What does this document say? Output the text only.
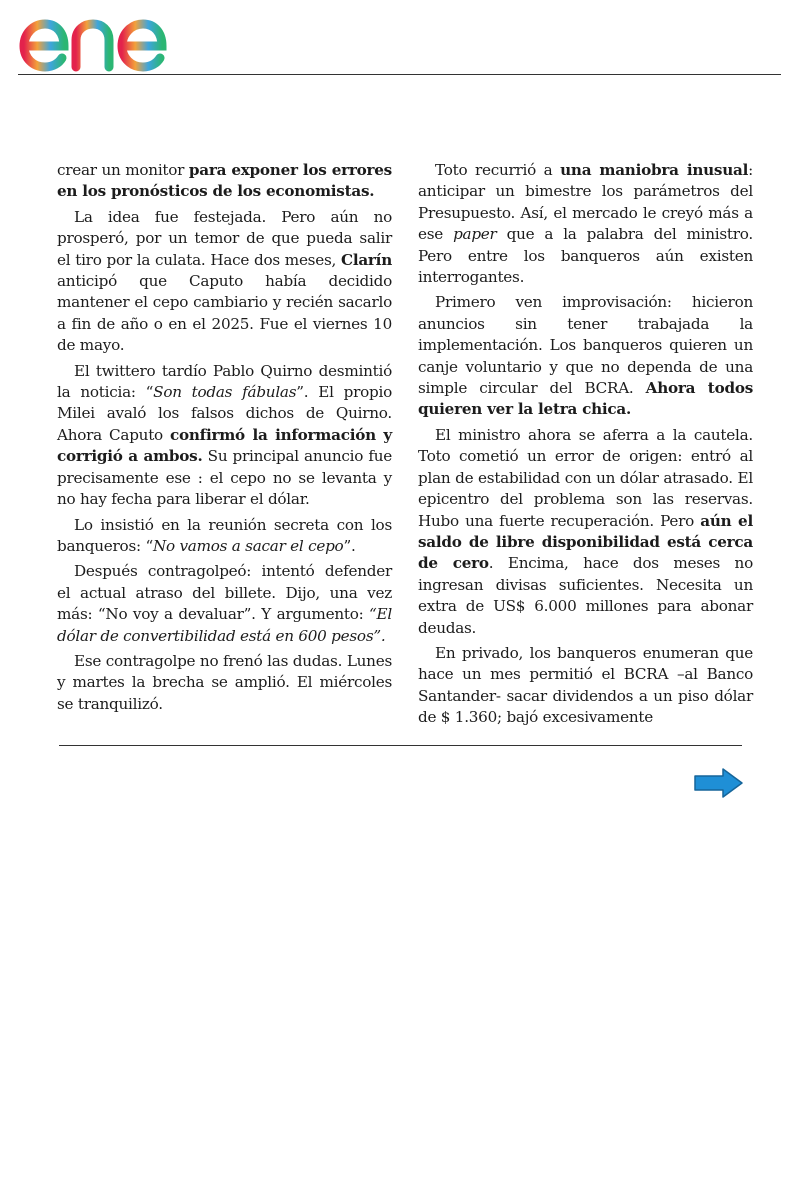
crear un monitor para exponer los errores en los pronósticos de los economistas.

La idea fue festejada. Pero aún no prosperó, por un temor de que pueda salir el tiro por la culata. Hace dos meses, Clarín anticipó que Caputo había decidido mantener el cepo cambiario y recién sacarlo a fin de año o en el 2025. Fue el viernes 10 de mayo.

El twittero tardío Pablo Quirno desmintió la noticia: “Son todas fábulas”. El propio Milei avaló los falsos dichos de Quirno. Ahora Caputo confirmó la información y corrigió a ambos. Su principal anuncio fue precisamente ese : el cepo no se levanta y no hay fecha para liberar el dólar.

Lo insistió en la reunión secreta con los banqueros: “No vamos a sacar el cepo”.

Después contragolpeó: intentó defender el actual atraso del billete. Dijo, una vez más: “No voy a devaluar”. Y argumento: “El dólar de convertibilidad está en 600 pesos”.

Ese contragolpe no frenó las dudas. Lunes y martes la brecha se amplió. El miércoles se tranquilizó.

Toto recurrió a una maniobra inusual: anticipar un bimestre los parámetros del Presupuesto. Así, el mercado le creyó más a ese paper que a la palabra del ministro. Pero entre los banqueros aún existen interrogantes.

Primero ven improvisación: hicieron anuncios sin tener trabajada la implementación. Los banqueros quieren un canje voluntario y que no dependa de una simple circular del BCRA. Ahora todos quieren ver la letra chica.

El ministro ahora se aferra a la cautela. Toto cometió un error de origen: entró al plan de estabilidad con un dólar atrasado. El epicentro del problema son las reservas. Hubo una fuerte recuperación. Pero aún el saldo de libre disponibilidad está cerca de cero. Encima, hace dos meses no ingresan divisas suficientes. Necesita un extra de US$ 6.000 millones para abonar deudas.

En privado, los banqueros enumeran que hace un mes permitió el BCRA –al Banco Santander- sacar dividendos a un piso dólar de $ 1.360; bajó excesivamente
